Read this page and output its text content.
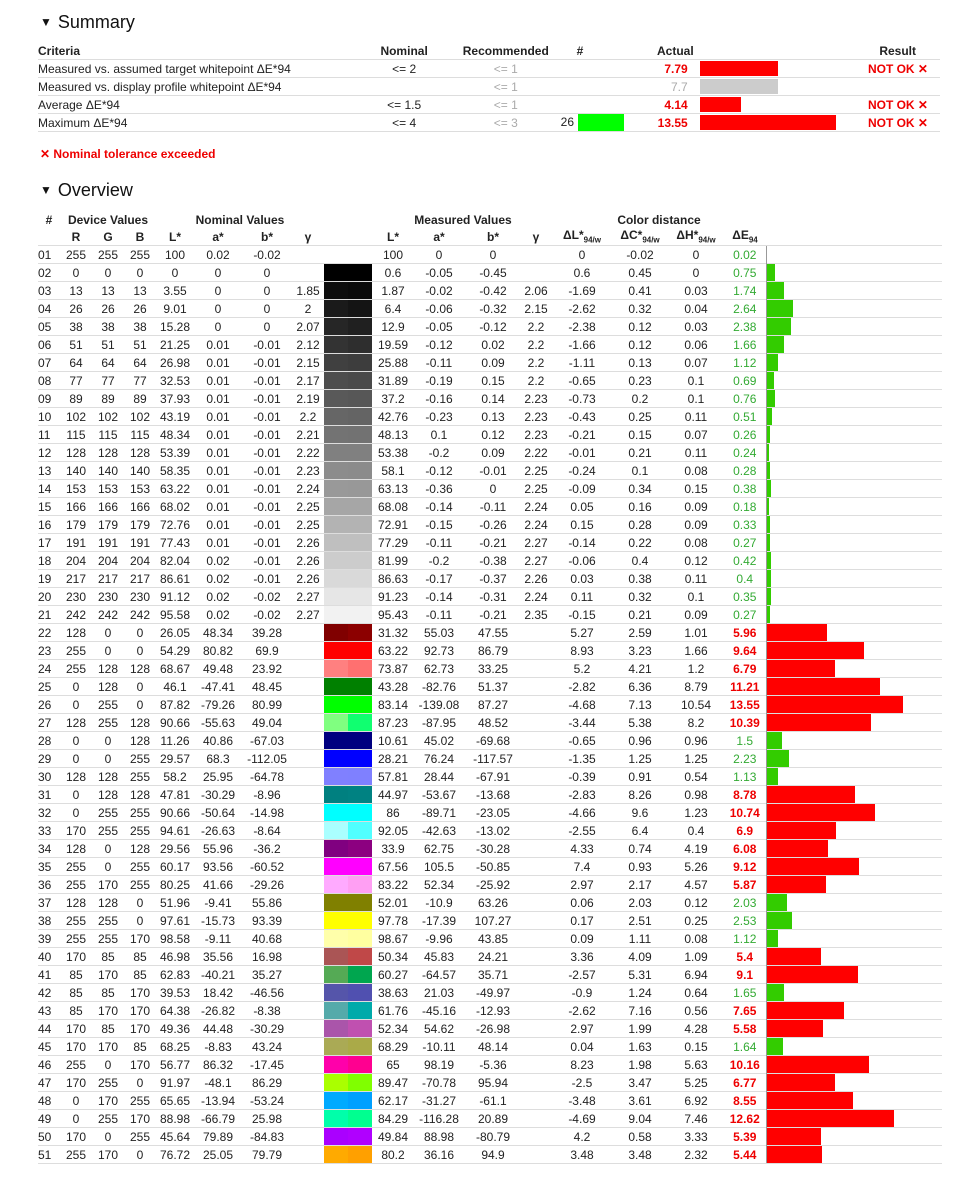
▼ Summary
Criteria	Nominal	Recommended	#	Actual		Result
Measured vs. assumed target whitepoint ΔE*94	<= 2	<= 1		7.79		NOT OK ✕
Measured vs. display profile whitepoint ΔE*94		<= 1		7.7	

Average ΔE*94	<= 1.5	<= 1		4.14		NOT OK ✕
Maximum ΔE*94	<= 4	<= 3	26	13.55		NOT OK ✕
✕ Nominal tolerance exceeded
▼ Overview
#	Device Values			Nominal Values					Measured Values				Color distance				
	R	G	B	L*	a*	b*	γ		L*	a*	b*	γ	$\Delta L*_{94/w}$	$\Delta C*_{94/w}$	$\Delta H*_{94/w}$	$\Delta E_{94}$	
01	255	255	255	100	0.02	-0.02			100	0	0		0	-0.02	0	0.02	

02	0	0	0	0	0	0			0.6	-0.05	-0.45		0.6	0.45	0	0.75	

03	13	13	13	3.55	0	0	1.85		1.87	-0.02	-0.42	2.06	-1.69	0.41	0.03	1.74	

04	26	26	26	9.01	0	0	2		6.4	-0.06	-0.32	2.15	-2.62	0.32	0.04	2.64	

05	38	38	38	15.28	0	0	2.07		12.9	-0.05	-0.12	2.2	-2.38	0.12	0.03	2.38	

06	51	51	51	21.25	0.01	-0.01	2.12		19.59	-0.12	0.02	2.2	-1.66	0.12	0.06	1.66	

07	64	64	64	26.98	0.01	-0.01	2.15		25.88	-0.11	0.09	2.2	-1.11	0.13	0.07	1.12	

08	77	77	77	32.53	0.01	-0.01	2.17		31.89	-0.19	0.15	2.2	-0.65	0.23	0.1	0.69	

09	89	89	89	37.93	0.01	-0.01	2.19		37.2	-0.16	0.14	2.23	-0.73	0.2	0.1	0.76	

10	102	102	102	43.19	0.01	-0.01	2.2		42.76	-0.23	0.13	2.23	-0.43	0.25	0.11	0.51	

11	115	115	115	48.34	0.01	-0.01	2.21		48.13	0.1	0.12	2.23	-0.21	0.15	0.07	0.26	

12	128	128	128	53.39	0.01	-0.01	2.22		53.38	-0.2	0.09	2.22	-0.01	0.21	0.11	0.24	

13	140	140	140	58.35	0.01	-0.01	2.23		58.1	-0.12	-0.01	2.25	-0.24	0.1	0.08	0.28	

14	153	153	153	63.22	0.01	-0.01	2.24		63.13	-0.36	0	2.25	-0.09	0.34	0.15	0.38	

15	166	166	166	68.02	0.01	-0.01	2.25		68.08	-0.14	-0.11	2.24	0.05	0.16	0.09	0.18	

16	179	179	179	72.76	0.01	-0.01	2.25		72.91	-0.15	-0.26	2.24	0.15	0.28	0.09	0.33	

17	191	191	191	77.43	0.01	-0.01	2.26		77.29	-0.11	-0.21	2.27	-0.14	0.22	0.08	0.27	

18	204	204	204	82.04	0.02	-0.01	2.26		81.99	-0.2	-0.38	2.27	-0.06	0.4	0.12	0.42	

19	217	217	217	86.61	0.02	-0.01	2.26		86.63	-0.17	-0.37	2.26	0.03	0.38	0.11	0.4	

20	230	230	230	91.12	0.02	-0.02	2.27		91.23	-0.14	-0.31	2.24	0.11	0.32	0.1	0.35	

21	242	242	242	95.58	0.02	-0.02	2.27		95.43	-0.11	-0.21	2.35	-0.15	0.21	0.09	0.27	

22	128	0	0	26.05	48.34	39.28			31.32	55.03	47.55		5.27	2.59	1.01	5.96	

23	255	0	0	54.29	80.82	69.9			63.22	92.73	86.79		8.93	3.23	1.66	9.64	

24	255	128	128	68.67	49.48	23.92			73.87	62.73	33.25		5.2	4.21	1.2	6.79	

25	0	128	0	46.1	-47.41	48.45			43.28	-82.76	51.37		-2.82	6.36	8.79	11.21	

26	0	255	0	87.82	-79.26	80.99			83.14	-139.08	87.27		-4.68	7.13	10.54	13.55	

27	128	255	128	90.66	-55.63	49.04			87.23	-87.95	48.52		-3.44	5.38	8.2	10.39	

28	0	0	128	11.26	40.86	-67.03			10.61	45.02	-69.68		-0.65	0.96	0.96	1.5	

29	0	0	255	29.57	68.3	-112.05			28.21	76.24	-117.57		-1.35	1.25	1.25	2.23	

30	128	128	255	58.2	25.95	-64.78			57.81	28.44	-67.91		-0.39	0.91	0.54	1.13	

31	0	128	128	47.81	-30.29	-8.96			44.97	-53.67	-13.68		-2.83	8.26	0.98	8.78	

32	0	255	255	90.66	-50.64	-14.98			86	-89.71	-23.05		-4.66	9.6	1.23	10.74	

33	170	255	255	94.61	-26.63	-8.64			92.05	-42.63	-13.02		-2.55	6.4	0.4	6.9	

34	128	0	128	29.56	55.96	-36.2			33.9	62.75	-30.28		4.33	0.74	4.19	6.08	

35	255	0	255	60.17	93.56	-60.52			67.56	105.5	-50.85		7.4	0.93	5.26	9.12	

36	255	170	255	80.25	41.66	-29.26			83.22	52.34	-25.92		2.97	2.17	4.57	5.87	

37	128	128	0	51.96	-9.41	55.86			52.01	-10.9	63.26		0.06	2.03	0.12	2.03	

38	255	255	0	97.61	-15.73	93.39			97.78	-17.39	107.27		0.17	2.51	0.25	2.53	

39	255	255	170	98.58	-9.11	40.68			98.67	-9.96	43.85		0.09	1.11	0.08	1.12	

40	170	85	85	46.98	35.56	16.98			50.34	45.83	24.21		3.36	4.09	1.09	5.4	

41	85	170	85	62.83	-40.21	35.27			60.27	-64.57	35.71		-2.57	5.31	6.94	9.1	

42	85	85	170	39.53	18.42	-46.56			38.63	21.03	-49.97		-0.9	1.24	0.64	1.65	

43	85	170	170	64.38	-26.82	-8.38			61.76	-45.16	-12.93		-2.62	7.16	0.56	7.65	

44	170	85	170	49.36	44.48	-30.29			52.34	54.62	-26.98		2.97	1.99	4.28	5.58	

45	170	170	85	68.25	-8.83	43.24			68.29	-10.11	48.14		0.04	1.63	0.15	1.64	

46	255	0	170	56.77	86.32	-17.45			65	98.19	-5.36		8.23	1.98	5.63	10.16	

47	170	255	0	91.97	-48.1	86.29			89.47	-70.78	95.94		-2.5	3.47	5.25	6.77	

48	0	170	255	65.65	-13.94	-53.24			62.17	-31.27	-61.1		-3.48	3.61	6.92	8.55	

49	0	255	170	88.98	-66.79	25.98			84.29	-116.28	20.89		-4.69	9.04	7.46	12.62	

50	170	0	255	45.64	79.89	-84.83			49.84	88.98	-80.79		4.2	0.58	3.33	5.39	

51	255	170	0	76.72	25.05	79.79			80.2	36.16	94.9		3.48	3.48	2.32	5.44	
